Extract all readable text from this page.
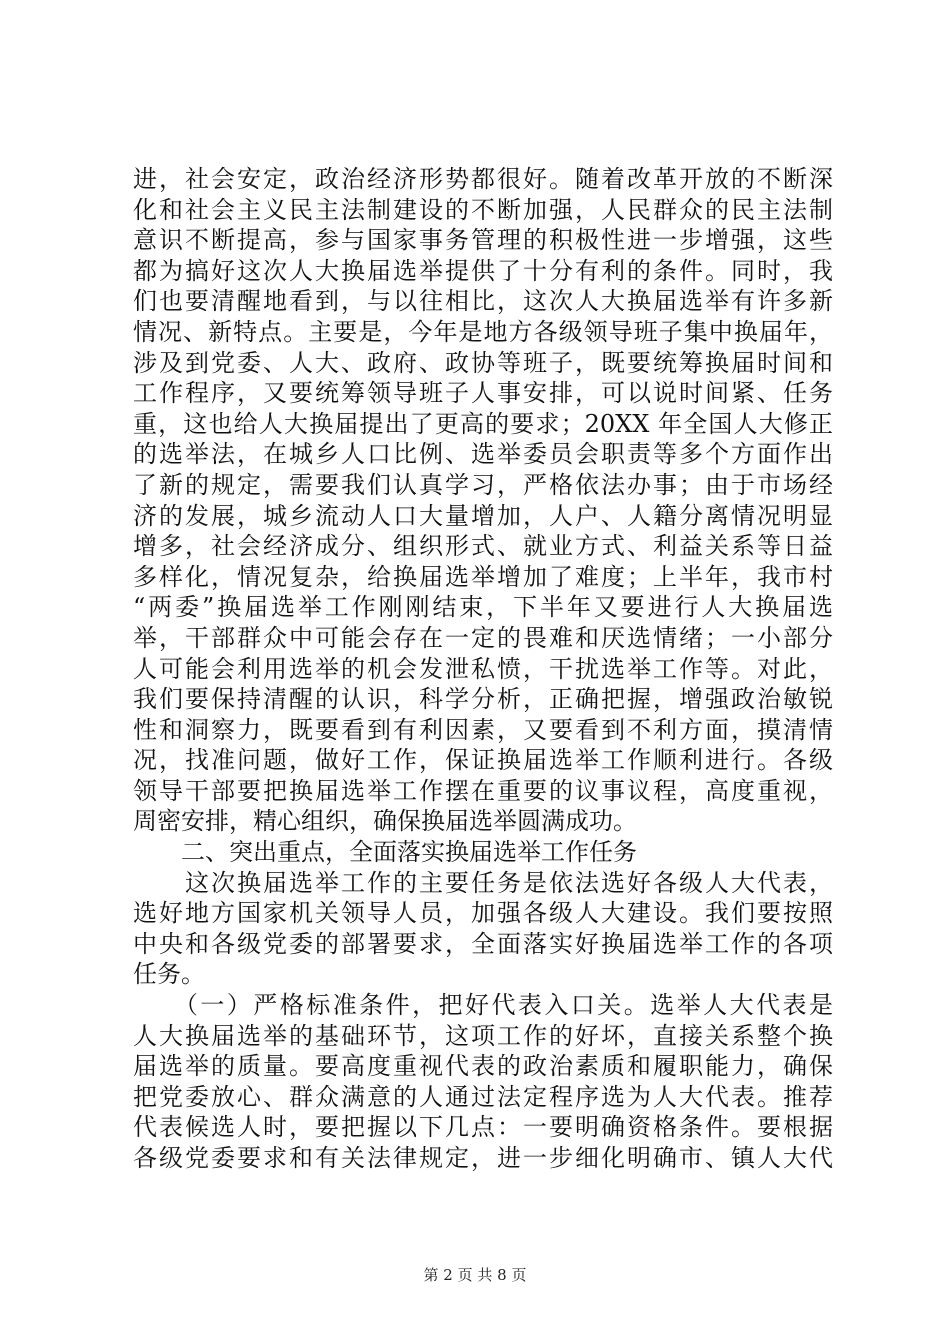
进，社会安定，政治经济形势都很好。随着改革开放的不断深
化和社会主义民主法制建设的不断加强，人民群众的民主法制
意识不断提高，参与国家事务管理的积极性进一步增强，这些
都为搞好这次人大换届选举提供了十分有利的条件。同时，我
们也要清醒地看到，与以往相比，这次人大换届选举有许多新
情况、新特点。主要是，今年是地方各级领导班子集中换届年，
涉及到党委、人大、政府、政协等班子，既要统筹换届时间和
工作程序，又要统筹领导班子人事安排，可以说时间紧、任务
重，这也给人大换届提出了更高的要求；20XX 年全国人大修正
的选举法，在城乡人口比例、选举委员会职责等多个方面作出
了新的规定，需要我们认真学习，严格依法办事；由于市场经
济的发展，城乡流动人口大量增加，人户、人籍分离情况明显
增多，社会经济成分、组织形式、就业方式、利益关系等日益
多样化，情况复杂，给换届选举增加了难度；上半年，我市村
“两委”换届选举工作刚刚结束，下半年又要进行人大换届选
举，干部群众中可能会存在一定的畏难和厌选情绪；一小部分
人可能会利用选举的机会发泄私愤，干扰选举工作等。对此，
我们要保持清醒的认识，科学分析，正确把握，增强政治敏锐
性和洞察力，既要看到有利因素，又要看到不利方面，摸清情
况，找准问题，做好工作，保证换届选举工作顺利进行。各级
领导干部要把换届选举工作摆在重要的议事议程，高度重视，
周密安排，精心组织，确保换届选举圆满成功。
　　二、突出重点，全面落实换届选举工作任务
　　这次换届选举工作的主要任务是依法选好各级人大代表，
选好地方国家机关领导人员，加强各级人大建设。我们要按照
中央和各级党委的部署要求，全面落实好换届选举工作的各项
任务。
　　（一）严格标准条件，把好代表入口关。选举人大代表是
人大换届选举的基础环节，这项工作的好坏，直接关系整个换
届选举的质量。要高度重视代表的政治素质和履职能力，确保
把党委放心、群众满意的人通过法定程序选为人大代表。推荐
代表候选人时，要把握以下几点：一要明确资格条件。要根据
各级党委要求和有关法律规定，进一步细化明确市、镇人大代
第 2 页 共 8 页
